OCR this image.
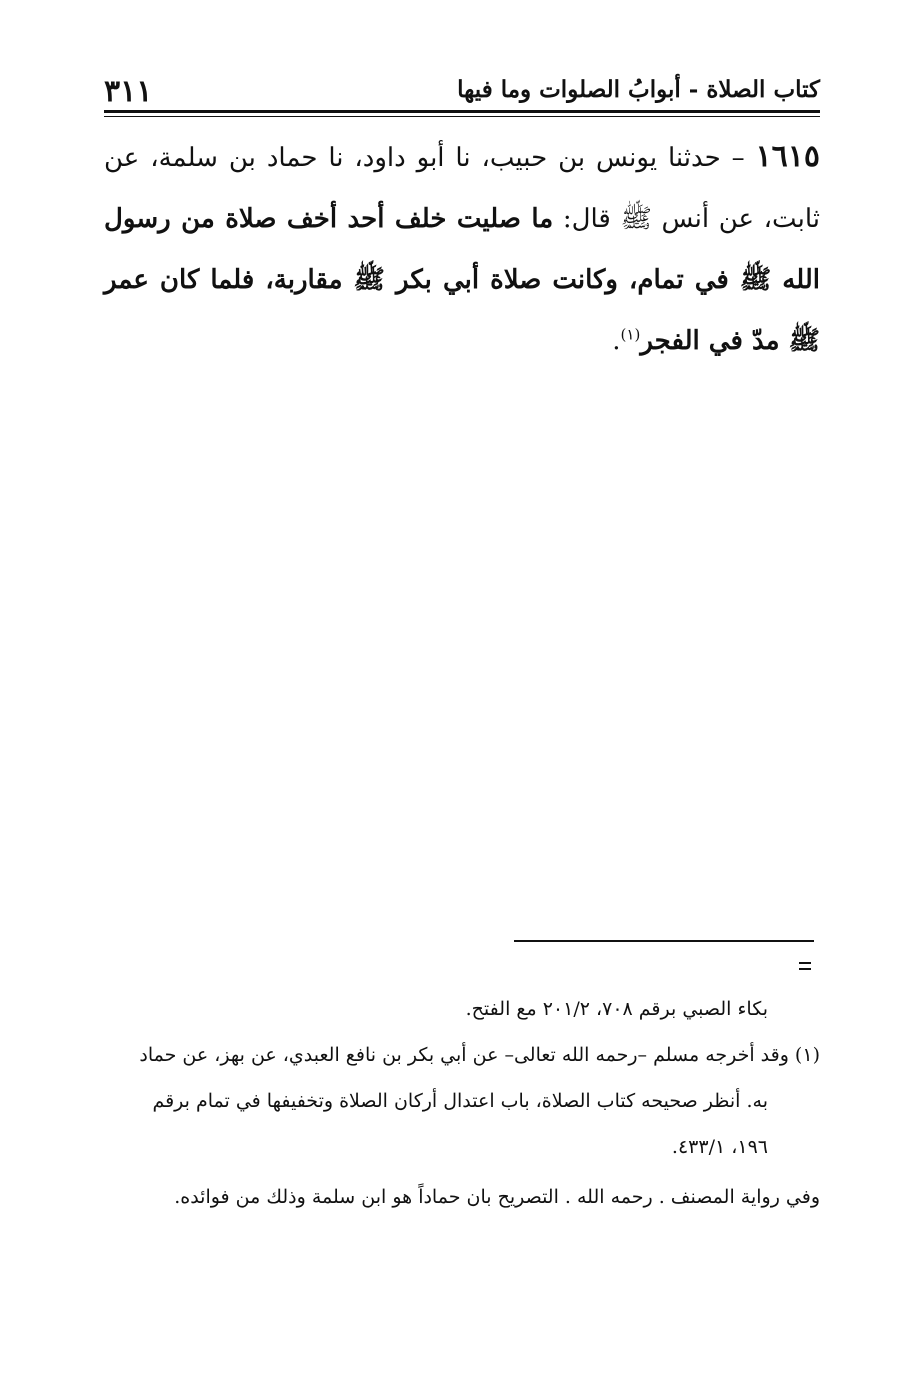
٣١١	كتاب الصلاة - أبوابُ الصلوات وما فيها
١٦١٥ – حدثنا يونس بن حبيب، نا أبو داود، نا حماد بن سلمة، عن ثابت، عن أنس ﷺ قال: ما صليت خلف أحد أخف صلاة من رسول الله ﷺ في تمام، وكانت صلاة أبي بكر ﷺ مقاربة، فلما كان عمر ﷺ مدّ في الفجر$^{(١)}$.
بكاء الصبي برقم ٧٠٨، ٢٠١/٢ مع الفتح.
(١) وقد أخرجه مسلم –رحمه الله تعالى– عن أبي بكر بن نافع العبدي، عن بهز، عن حماد
به. أنظر صحيحه كتاب الصلاة، باب اعتدال أركان الصلاة وتخفيفها في تمام برقم
١٩٦، ٤٣٣/١.
وفي رواية المصنف . رحمه الله . التصريح بان حماداً هو ابن سلمة وذلك من فوائده.
